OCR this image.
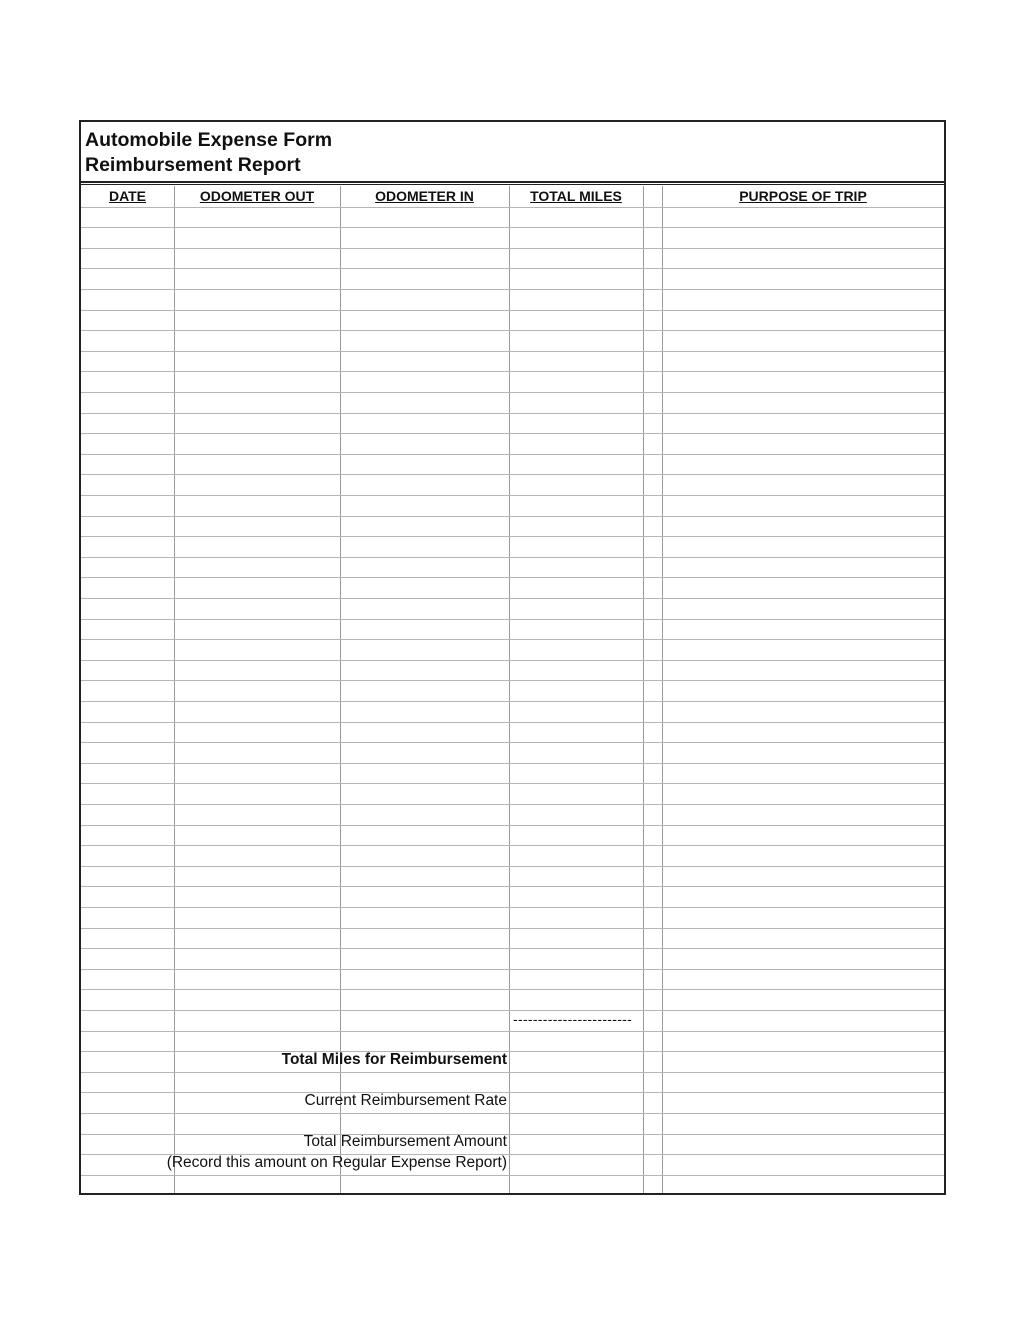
Automobile Expense Form
Reimbursement Report
DATE	ODOMETER OUT	ODOMETER IN	TOTAL MILES	PURPOSE OF TRIP
------------------------
Total Miles for Reimbursement
Current Reimbursement Rate
Total Reimbursement Amount
(Record this amount on Regular Expense Report)
